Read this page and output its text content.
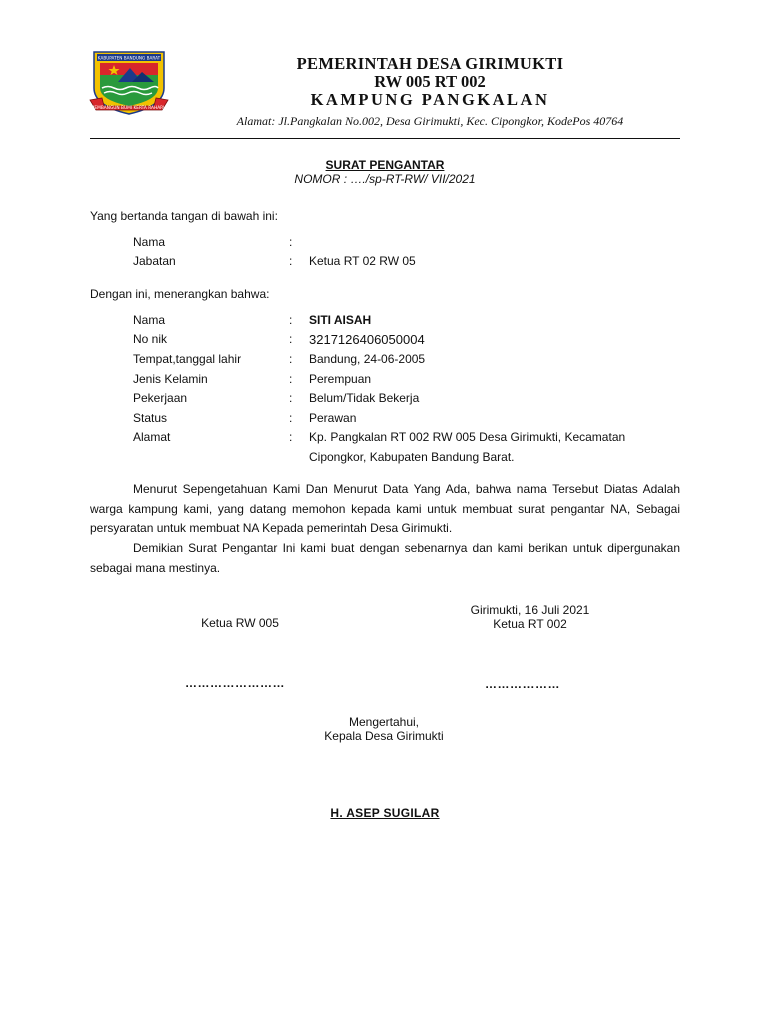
KABUPATEN BANDUNG BARAT
MEMBANGUN BUMI KERTA RAHARJA
PEMERINTAH DESA GIRIMUKTI
RW 005 RT 002
KAMPUNG PANGKALAN
Alamat: Jl.Pangkalan No.002, Desa Girimukti, Kec. Cipongkor, KodePos 40764
SURAT PENGANTAR
NOMOR : …./sp-RT-RW/ VII/2021
Yang bertanda tangan di bawah ini:
Nama	:
Jabatan	:	Ketua RT 02 RW 05
Dengan ini, menerangkan bahwa:
Nama	:	SITI AISAH
No nik	:	3217126406050004
Tempat,tanggal lahir	:	Bandung, 24-06-2005
Jenis Kelamin	:	Perempuan
Pekerjaan	:	Belum/Tidak Bekerja
Status	:	Perawan
Alamat	:	Kp. Pangkalan RT 002 RW 005 Desa Girimukti, Kecamatan Cipongkor, Kabupaten Bandung Barat.
Menurut Sepengetahuan Kami Dan Menurut Data Yang Ada, bahwa nama Tersebut Diatas Adalah warga kampung kami, yang datang memohon kepada kami untuk membuat surat pengantar NA, Sebagai persyaratan untuk membuat NA Kepada pemerintah Desa Girimukti.
Demikian Surat Pengantar Ini kami buat dengan sebenarnya dan kami berikan untuk dipergunakan sebagai mana mestinya.
Girimukti, 16 Juli 2021
Ketua RT 002
Ketua RW 005
……………………	………………
Mengertahui,
Kepala Desa Girimukti
H. ASEP SUGILAR
